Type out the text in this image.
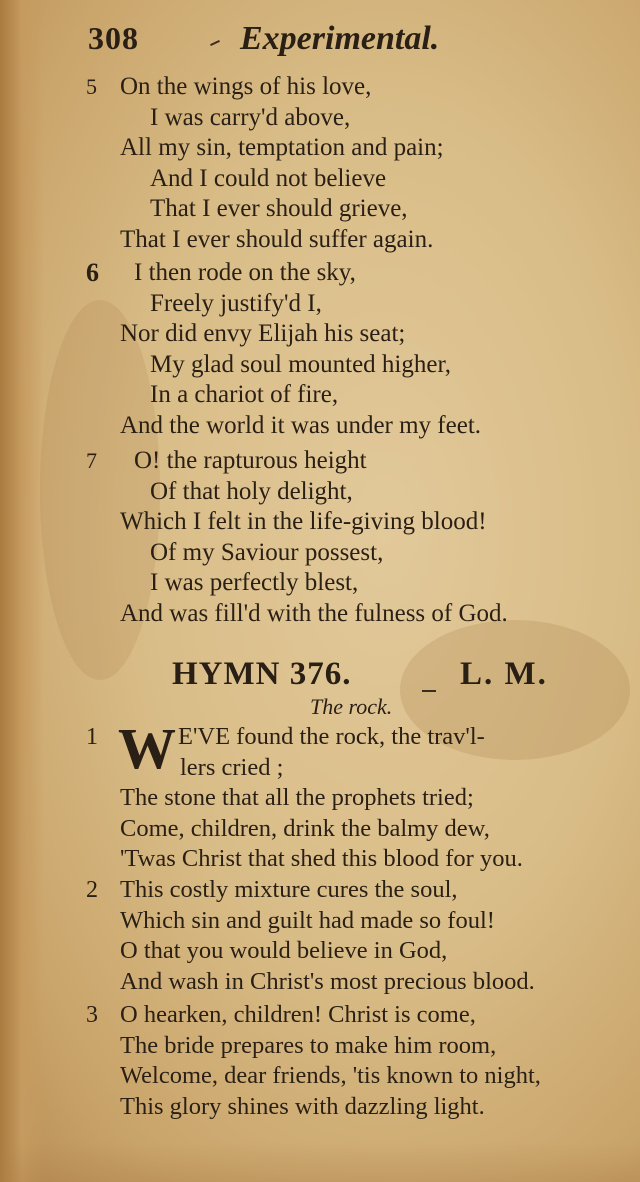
308	Experimental.
5 On the wings of his love,
I was carry'd above,
All my sin, temptation and pain;
And I could not believe
That I ever should grieve,
That I ever should suffer again.
6 I then rode on the sky,
Freely justify'd I,
Nor did envy Elijah his seat;
My glad soul mounted higher,
In a chariot of fire,
And the world it was under my feet.
7 O! the rapturous height
Of that holy delight,
Which I felt in the life-giving blood!
Of my Saviour possest,
I was perfectly blest,
And was fill'd with the fulness of God.
HYMN 376.	L. M.
The rock.
W
1	E'VE found the rock, the trav'l-
lers cried ;
The stone that all the prophets tried;
Come, children, drink the balmy dew,
'Twas Christ that shed this blood for you.
2 This costly mixture cures the soul,
Which sin and guilt had made so foul!
O that you would believe in God,
And wash in Christ's most precious blood.
3 O hearken, children! Christ is come,
The bride prepares to make him room,
Welcome, dear friends, 'tis known to night,
This glory shines with dazzling light.
